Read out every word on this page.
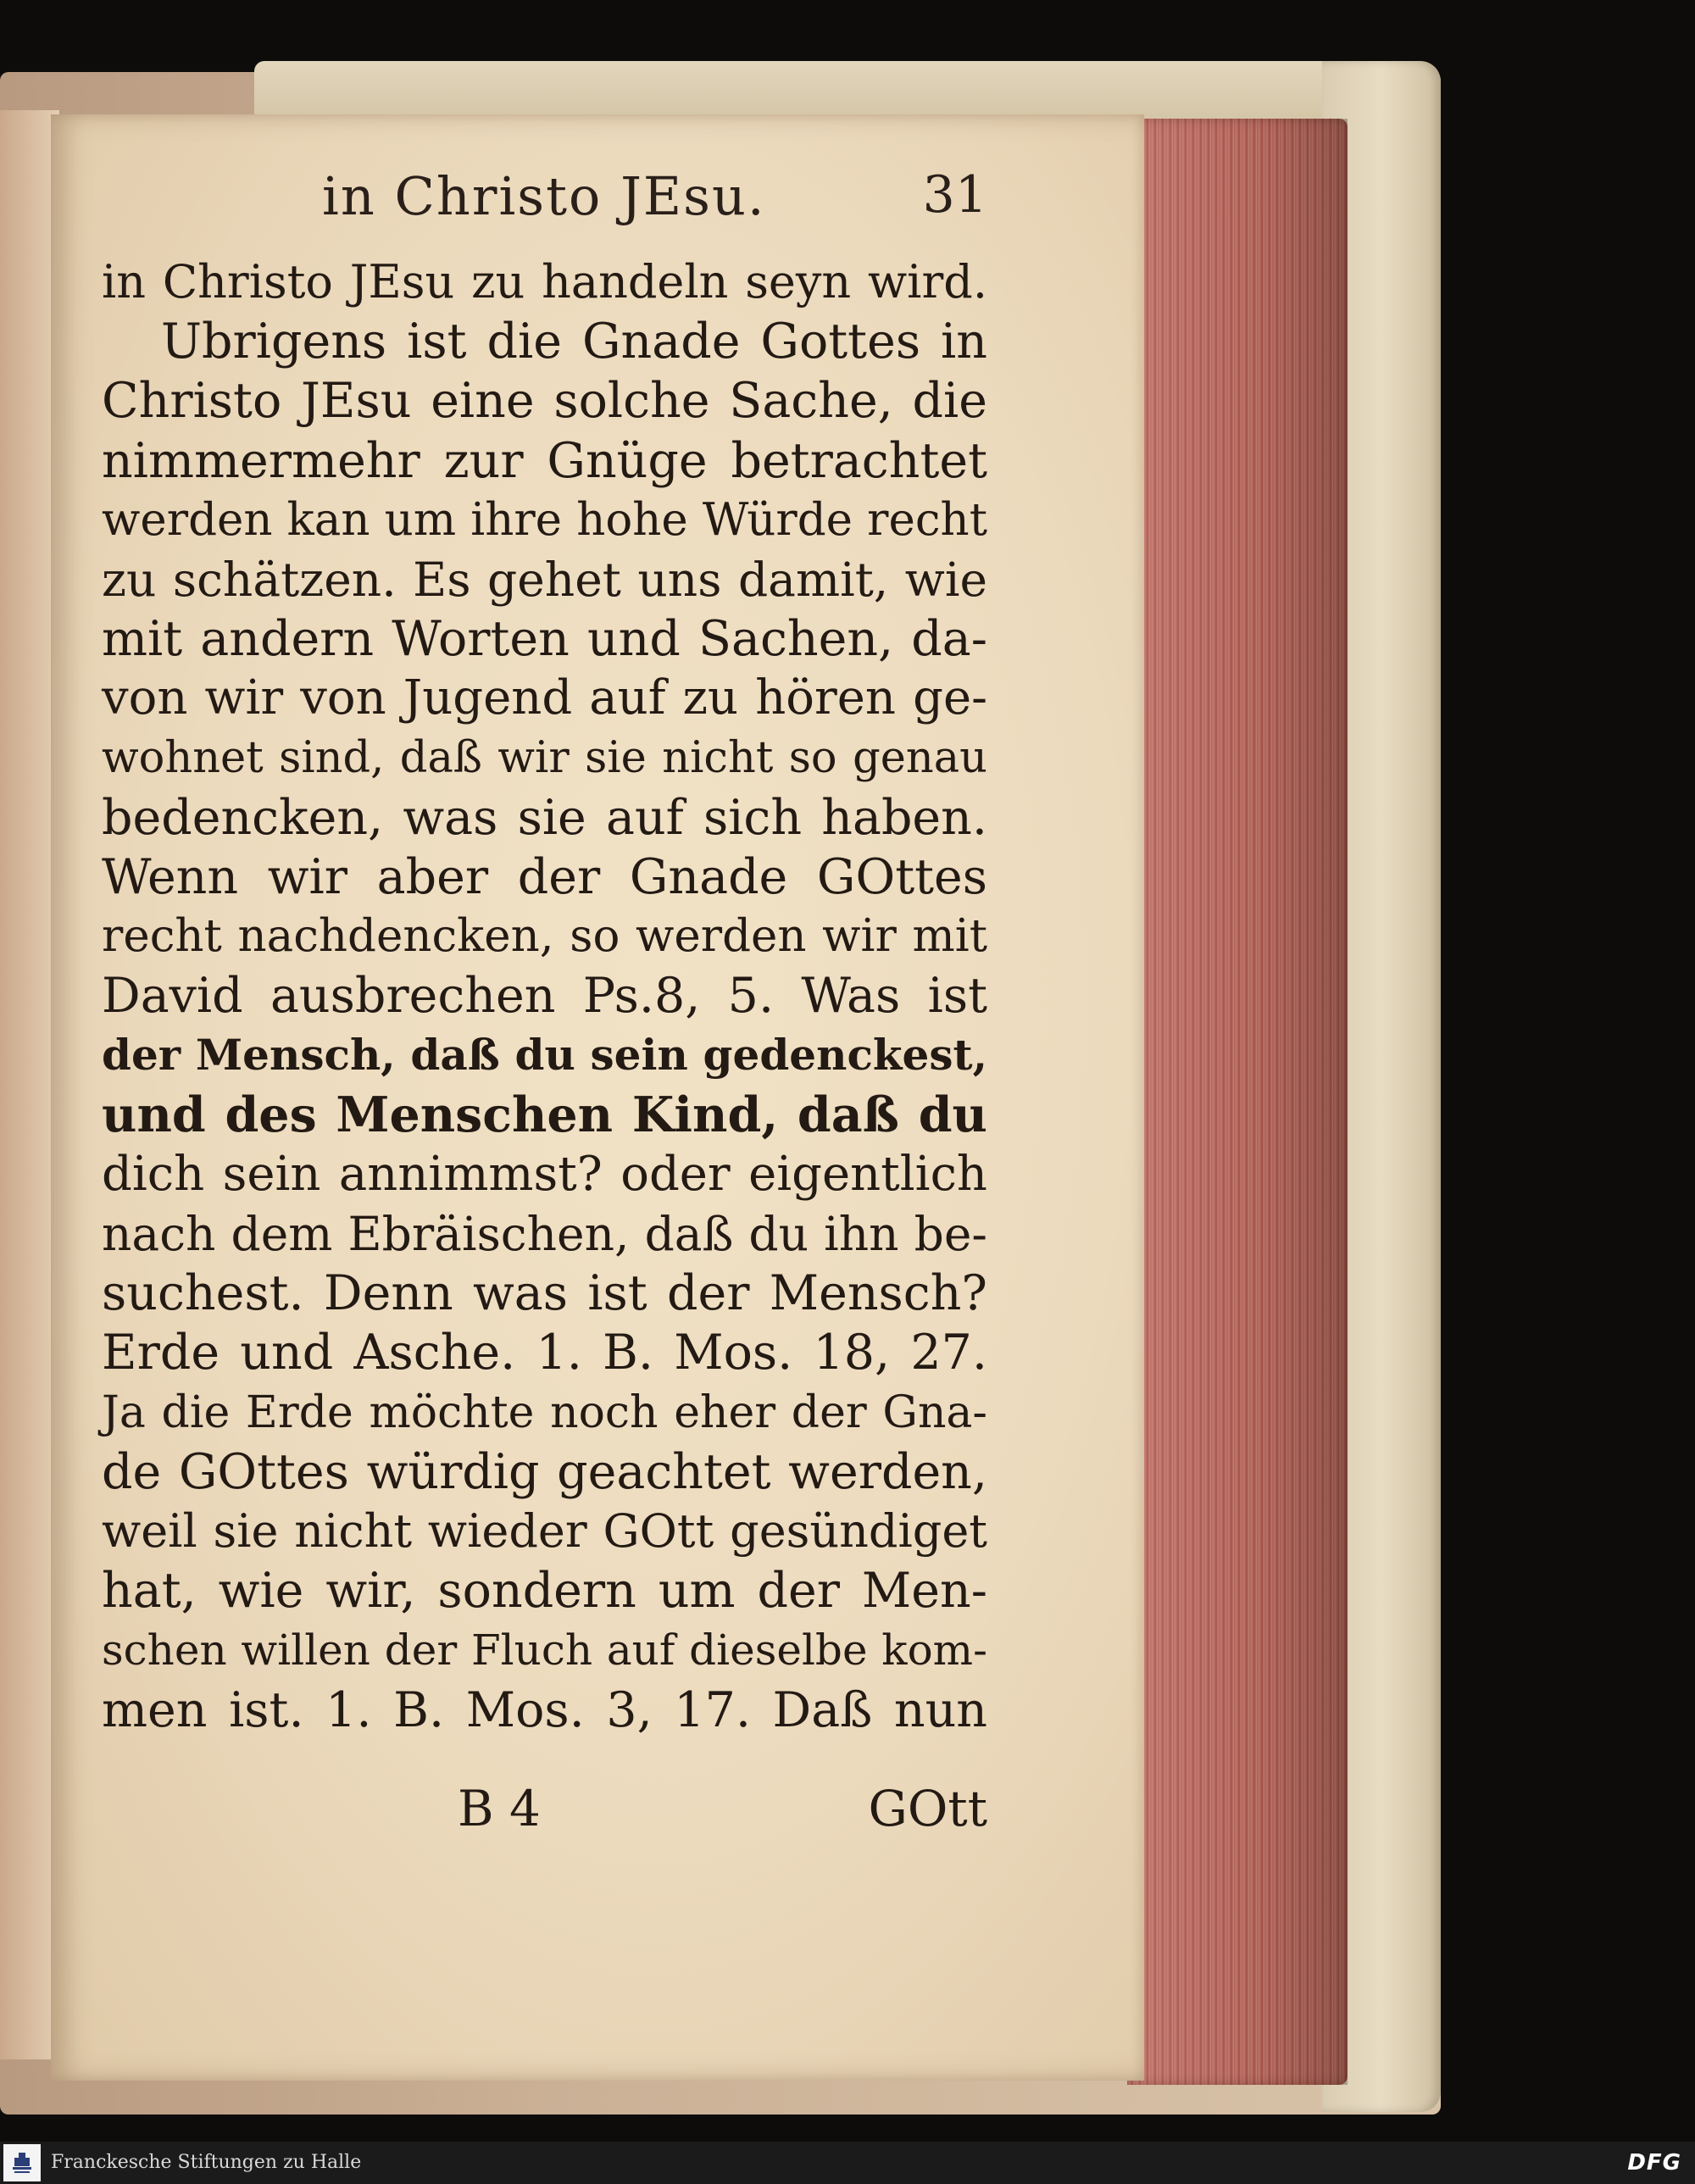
in Christo JEsu.	31
in Christo JEsu zu handeln seyn wird.
Ubrigens ist die Gnade Gottes in
Christo JEsu eine solche Sache, die
nimmermehr zur Gnüge betrachtet
werden kan um ihre hohe Würde recht
zu schätzen. Es gehet uns damit, wie
mit andern Worten und Sachen, da-
von wir von Jugend auf zu hören ge-
wohnet sind, daß wir sie nicht so genau
bedencken, was sie auf sich haben.
Wenn wir aber der Gnade GOttes
recht nachdencken, so werden wir mit
David ausbrechen Ps.8, 5. Was ist
der Mensch, daß du sein gedenckest,
und des Menschen Kind, daß du
dich sein annimmst? oder eigentlich
nach dem Ebräischen, daß du ihn be-
suchest. Denn was ist der Mensch?
Erde und Asche. 1. B. Mos. 18, 27.
Ja die Erde möchte noch eher der Gna-
de GOttes würdig geachtet werden,
weil sie nicht wieder GOtt gesündiget
hat, wie wir, sondern um der Men-
schen willen der Fluch auf dieselbe kom-
men ist. 1. B. Mos. 3, 17. Daß nun
B 4	GOtt
Franckesche Stiftungen zu Halle	DFG
